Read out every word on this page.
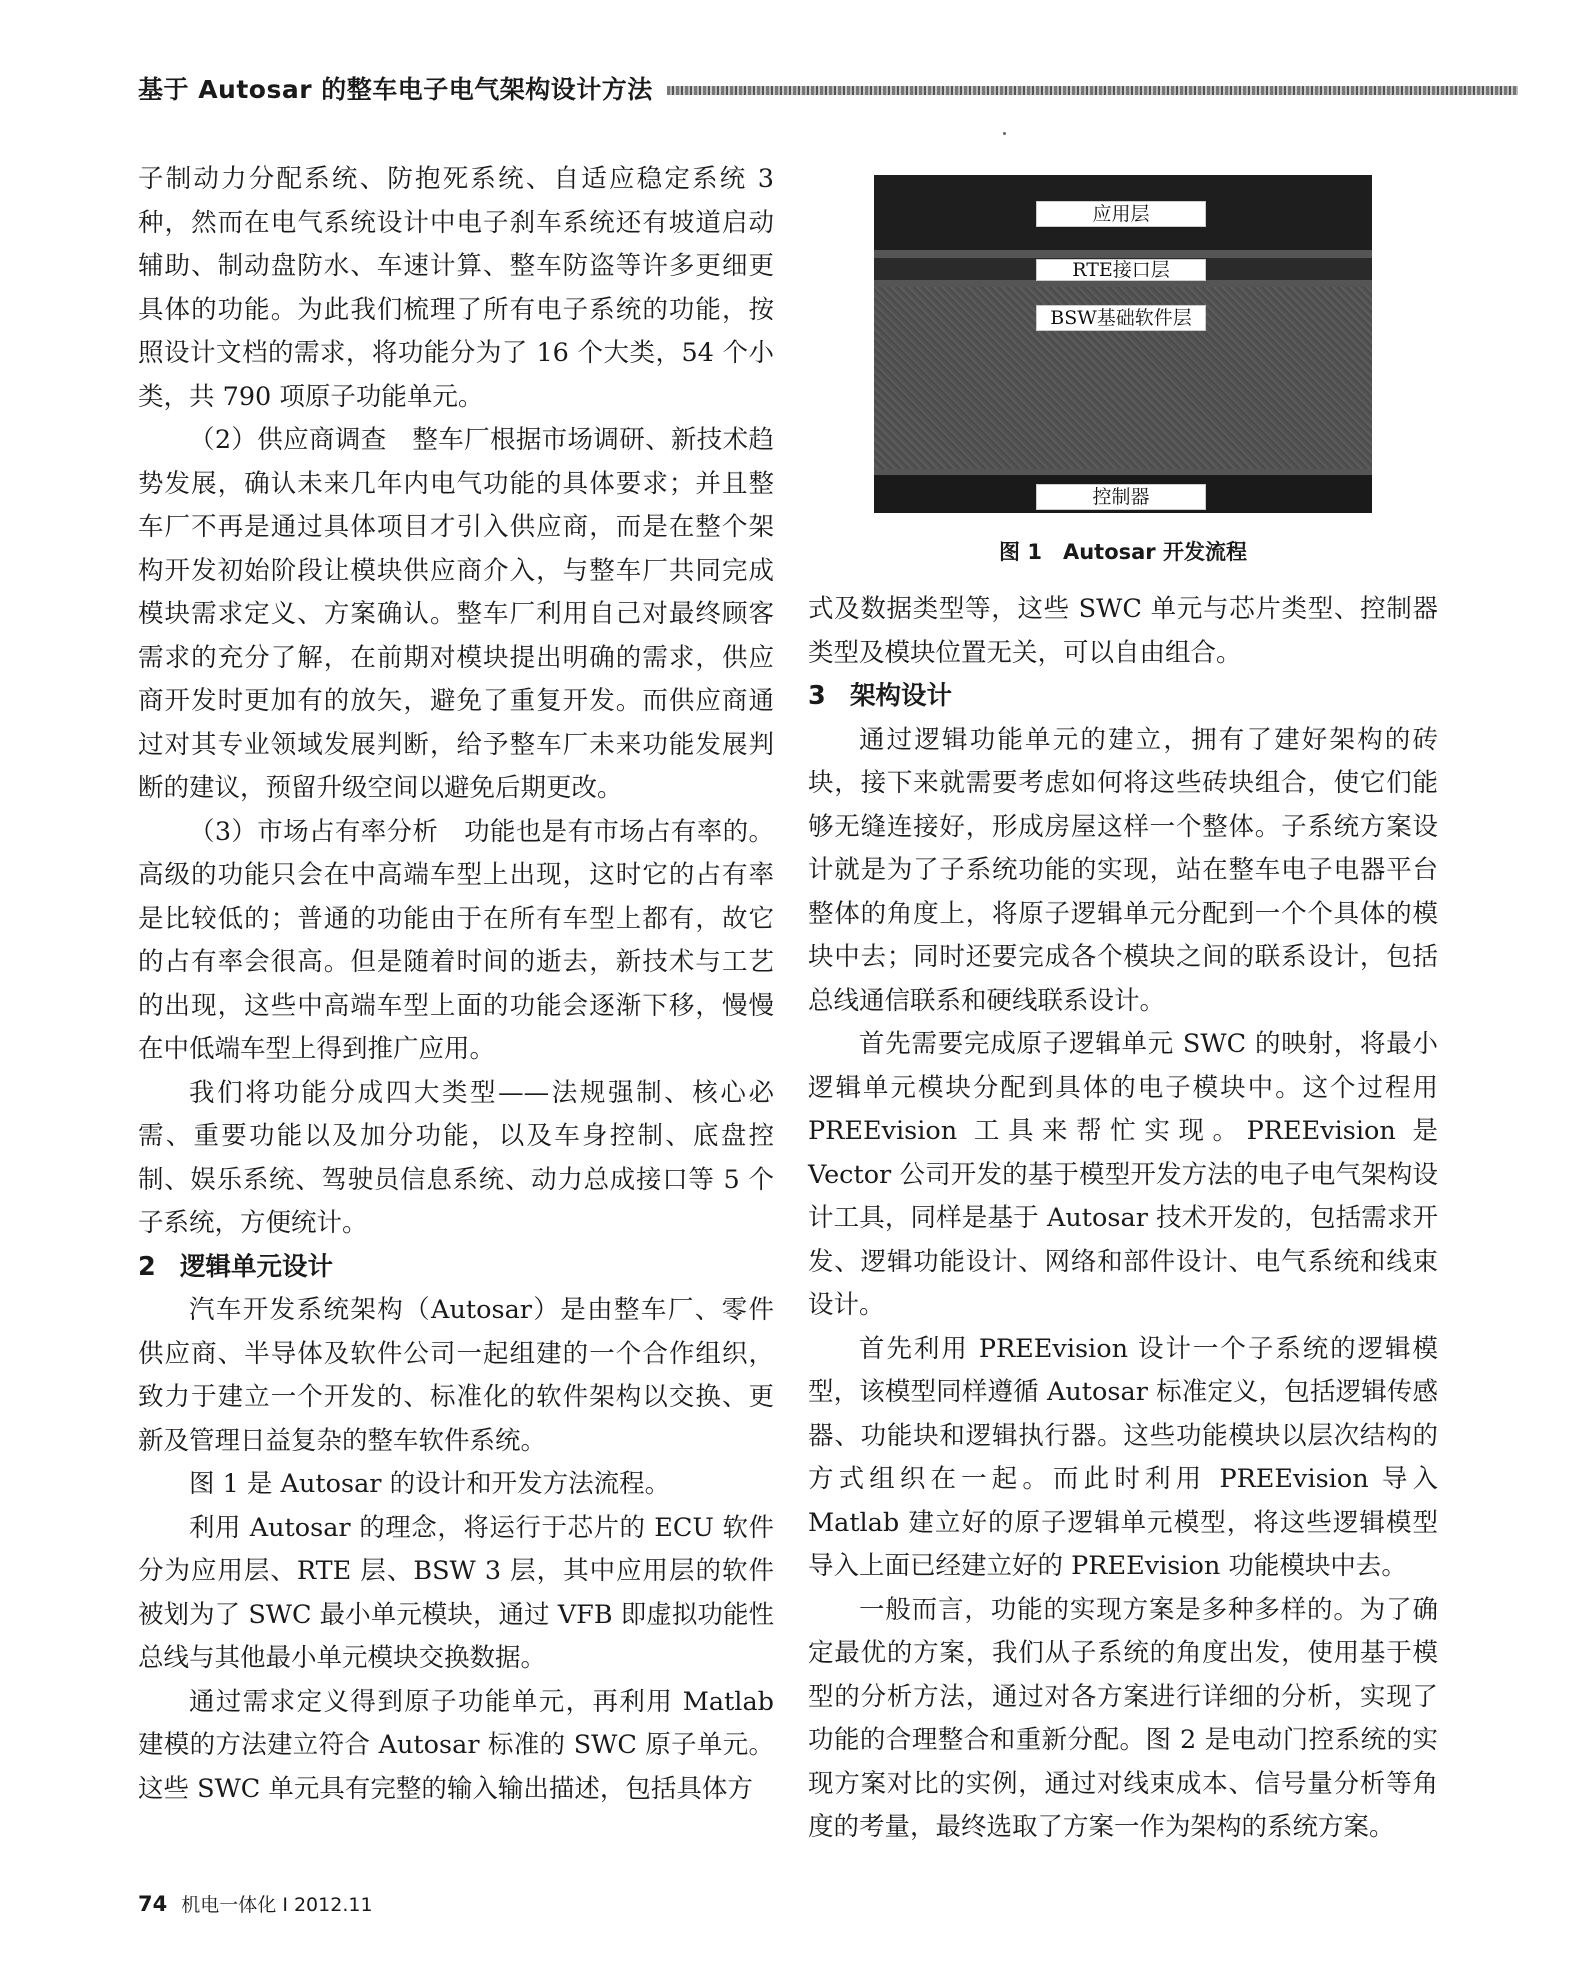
基于 Autosar 的整车电子电气架构设计方法

子制动力分配系统、防抱死系统、自适应稳定系统 3 种，然而在电气系统设计中电子刹车系统还有坡道启动辅助、制动盘防水、车速计算、整车防盗等许多更细更具体的功能。为此我们梳理了所有电子系统的功能，按照设计文档的需求，将功能分为了 16 个大类，54 个小类，共 790 项原子功能单元。

（2）供应商调查　整车厂根据市场调研、新技术趋势发展，确认未来几年内电气功能的具体要求；并且整车厂不再是通过具体项目才引入供应商，而是在整个架构开发初始阶段让模块供应商介入，与整车厂共同完成模块需求定义、方案确认。整车厂利用自己对最终顾客需求的充分了解，在前期对模块提出明确的需求，供应商开发时更加有的放矢，避免了重复开发。而供应商通过对其专业领域发展判断，给予整车厂未来功能发展判断的建议，预留升级空间以避免后期更改。

（3）市场占有率分析　功能也是有市场占有率的。高级的功能只会在中高端车型上出现，这时它的占有率是比较低的；普通的功能由于在所有车型上都有，故它的占有率会很高。但是随着时间的逝去，新技术与工艺的出现，这些中高端车型上面的功能会逐渐下移，慢慢在中低端车型上得到推广应用。

我们将功能分成四大类型——法规强制、核心必需、重要功能以及加分功能，以及车身控制、底盘控制、娱乐系统、驾驶员信息系统、动力总成接口等 5 个子系统，方便统计。

2 逻辑单元设计

汽车开发系统架构（Autosar）是由整车厂、零件供应商、半导体及软件公司一起组建的一个合作组织，致力于建立一个开发的、标准化的软件架构以交换、更新及管理日益复杂的整车软件系统。

图 1 是 Autosar 的设计和开发方法流程。

利用 Autosar 的理念，将运行于芯片的 ECU 软件分为应用层、RTE 层、BSW 3 层，其中应用层的软件被划为了 SWC 最小单元模块，通过 VFB 即虚拟功能性总线与其他最小单元模块交换数据。

通过需求定义得到原子功能单元，再利用 Matlab 建模的方法建立符合 Autosar 标准的 SWC 原子单元。这些 SWC 单元具有完整的输入输出描述，包括具体方

应用层
RTE接口层
BSW基础软件层
控制器
图 1　Autosar 开发流程

式及数据类型等，这些 SWC 单元与芯片类型、控制器类型及模块位置无关，可以自由组合。

3 架构设计

通过逻辑功能单元的建立，拥有了建好架构的砖块，接下来就需要考虑如何将这些砖块组合，使它们能够无缝连接好，形成房屋这样一个整体。子系统方案设计就是为了子系统功能的实现，站在整车电子电器平台整体的角度上，将原子逻辑单元分配到一个个具体的模块中去；同时还要完成各个模块之间的联系设计，包括总线通信联系和硬线联系设计。

首先需要完成原子逻辑单元 SWC 的映射，将最小逻辑单元模块分配到具体的电子模块中。这个过程用 PREEvision 工具来帮忙实现。PREEvision 是 Vector 公司开发的基于模型开发方法的电子电气架构设计工具，同样是基于 Autosar 技术开发的，包括需求开发、逻辑功能设计、网络和部件设计、电气系统和线束设计。

首先利用 PREEvision 设计一个子系统的逻辑模型，该模型同样遵循 Autosar 标准定义，包括逻辑传感器、功能块和逻辑执行器。这些功能模块以层次结构的方式组织在一起。而此时利用 PREEvision 导入 Matlab 建立好的原子逻辑单元模型，将这些逻辑模型导入上面已经建立好的 PREEvision 功能模块中去。

一般而言，功能的实现方案是多种多样的。为了确定最优的方案，我们从子系统的角度出发，使用基于模型的分析方法，通过对各方案进行详细的分析，实现了功能的合理整合和重新分配。图 2 是电动门控系统的实现方案对比的实例，通过对线束成本、信号量分析等角度的考量，最终选取了方案一作为架构的系统方案。

74 机电一体化 I 2012.11
